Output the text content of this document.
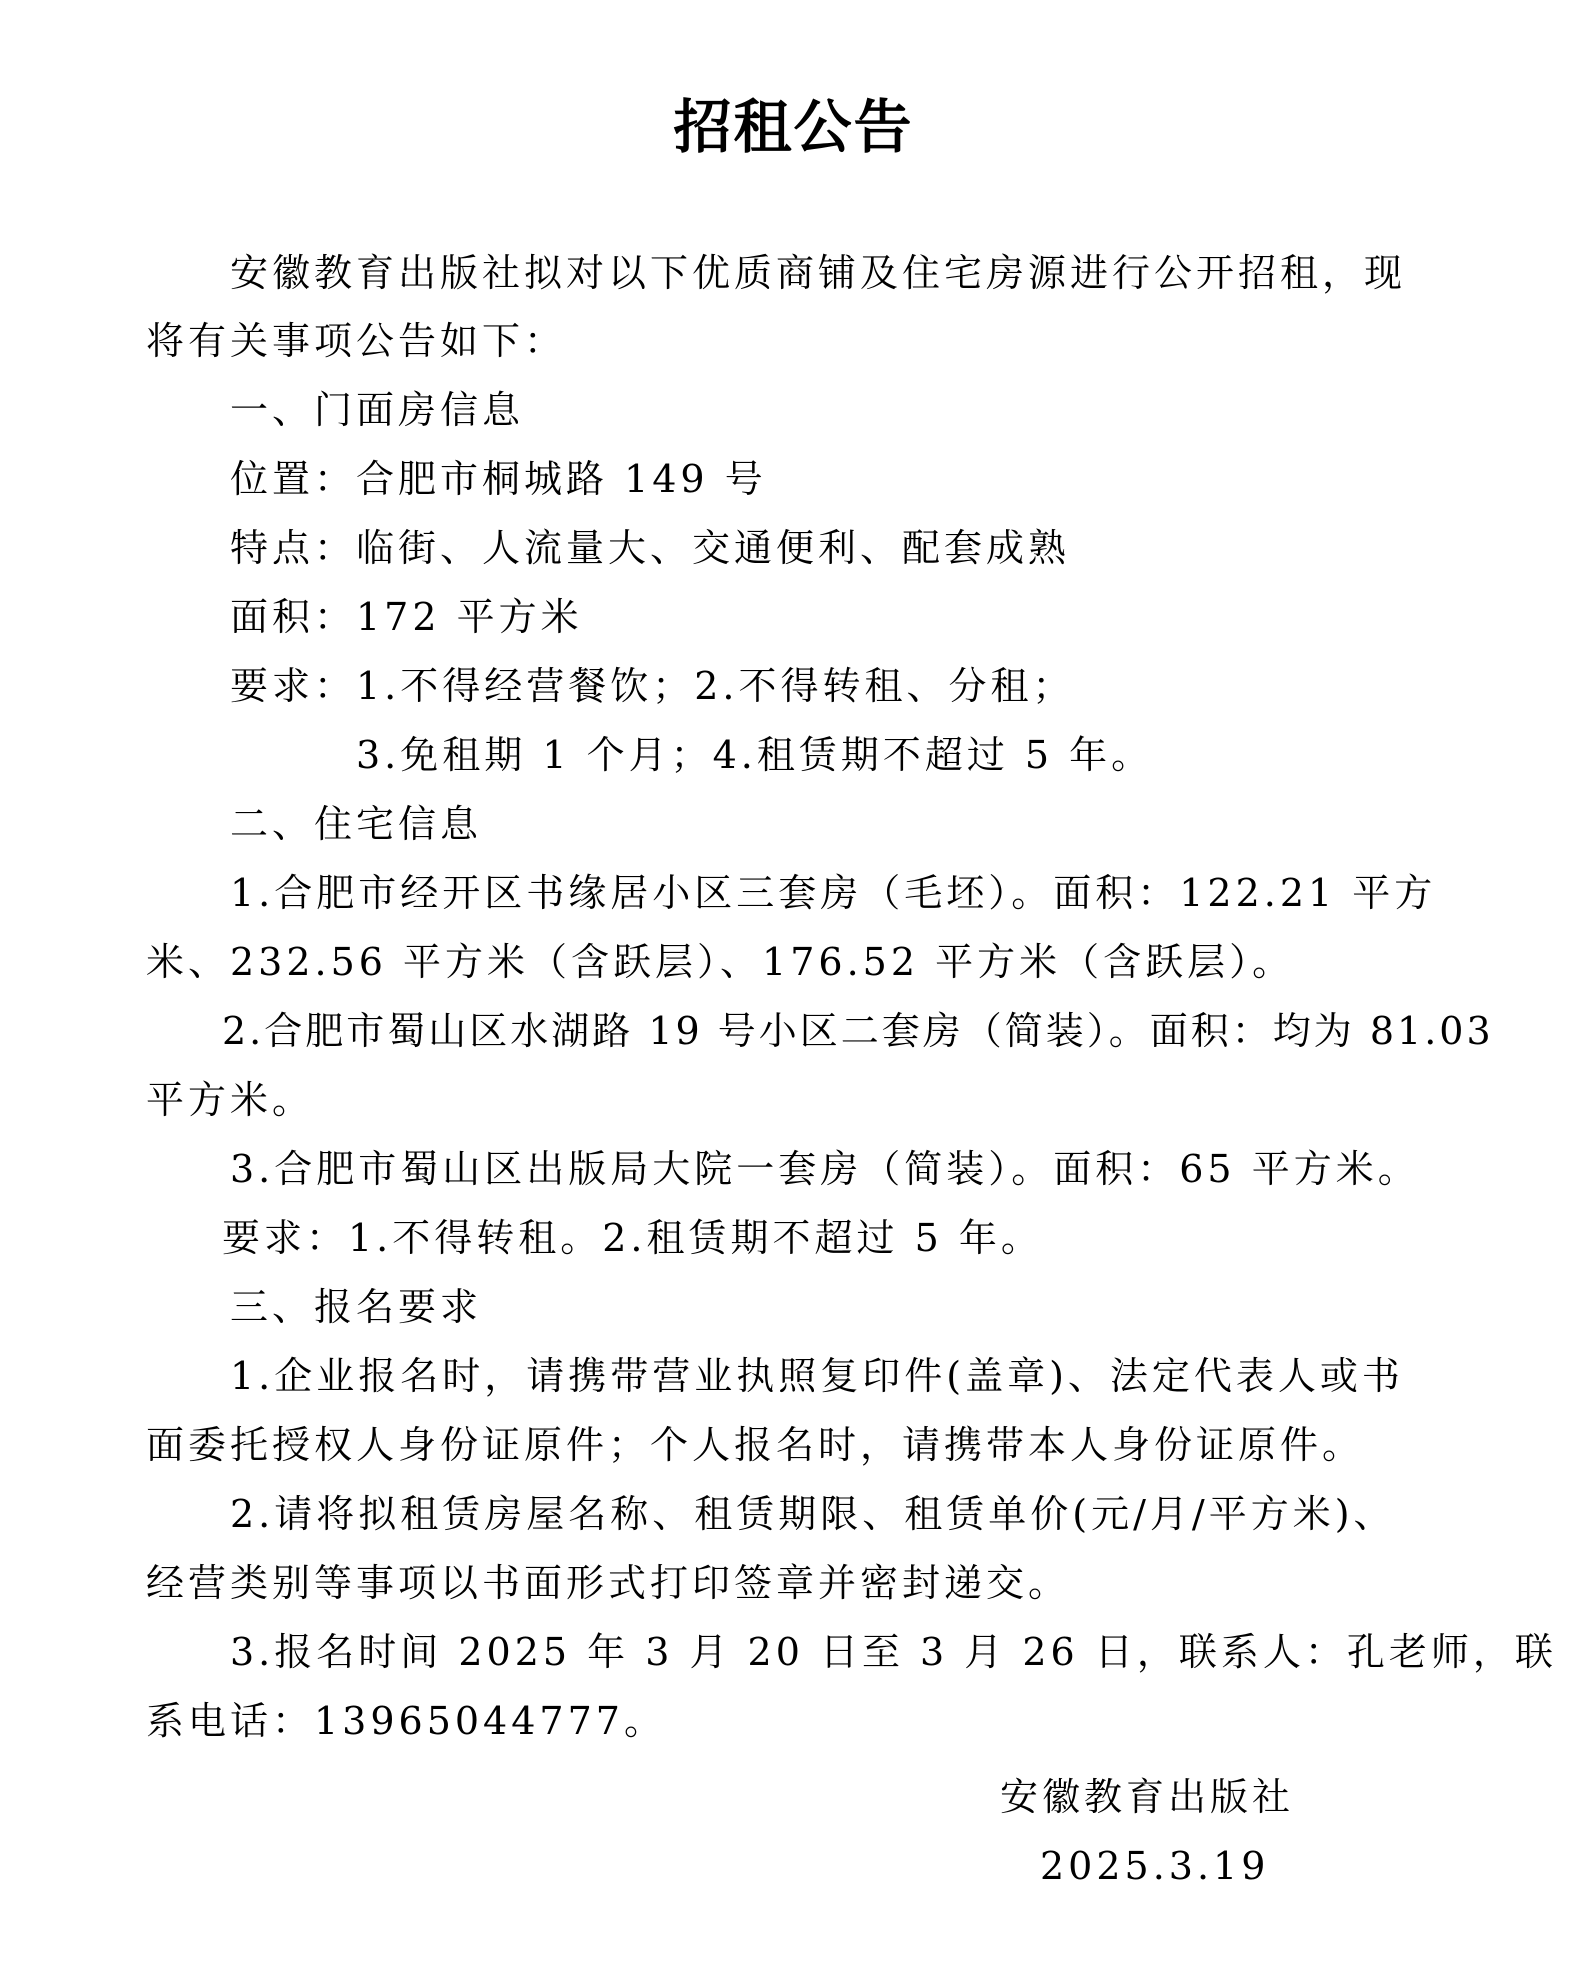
招租公告
安徽教育出版社拟对以下优质商铺及住宅房源进行公开招租，现
将有关事项公告如下：
一、门面房信息
位置：合肥市桐城路 149 号
特点：临街、人流量大、交通便利、配套成熟
面积：172 平方米
要求：1.不得经营餐饮；2.不得转租、分租；
3.免租期 1 个月；4.租赁期不超过 5 年。
二、住宅信息
1.合肥市经开区书缘居小区三套房（毛坯）。面积：122.21 平方
米、232.56 平方米（含跃层）、176.52 平方米（含跃层）。
2.合肥市蜀山区水湖路 19 号小区二套房（简装）。面积：均为 81.03
平方米。
3.合肥市蜀山区出版局大院一套房（简装）。面积：65 平方米。
要求：1.不得转租。2.租赁期不超过 5 年。
三、报名要求
1.企业报名时，请携带营业执照复印件(盖章)、法定代表人或书
面委托授权人身份证原件；个人报名时，请携带本人身份证原件。
2.请将拟租赁房屋名称、租赁期限、租赁单价(元/月/平方米)、
经营类别等事项以书面形式打印签章并密封递交。
3.报名时间 2025 年 3 月 20 日至 3 月 26 日，联系人：孔老师，联
系电话：13965044777。
安徽教育出版社
2025.3.19
